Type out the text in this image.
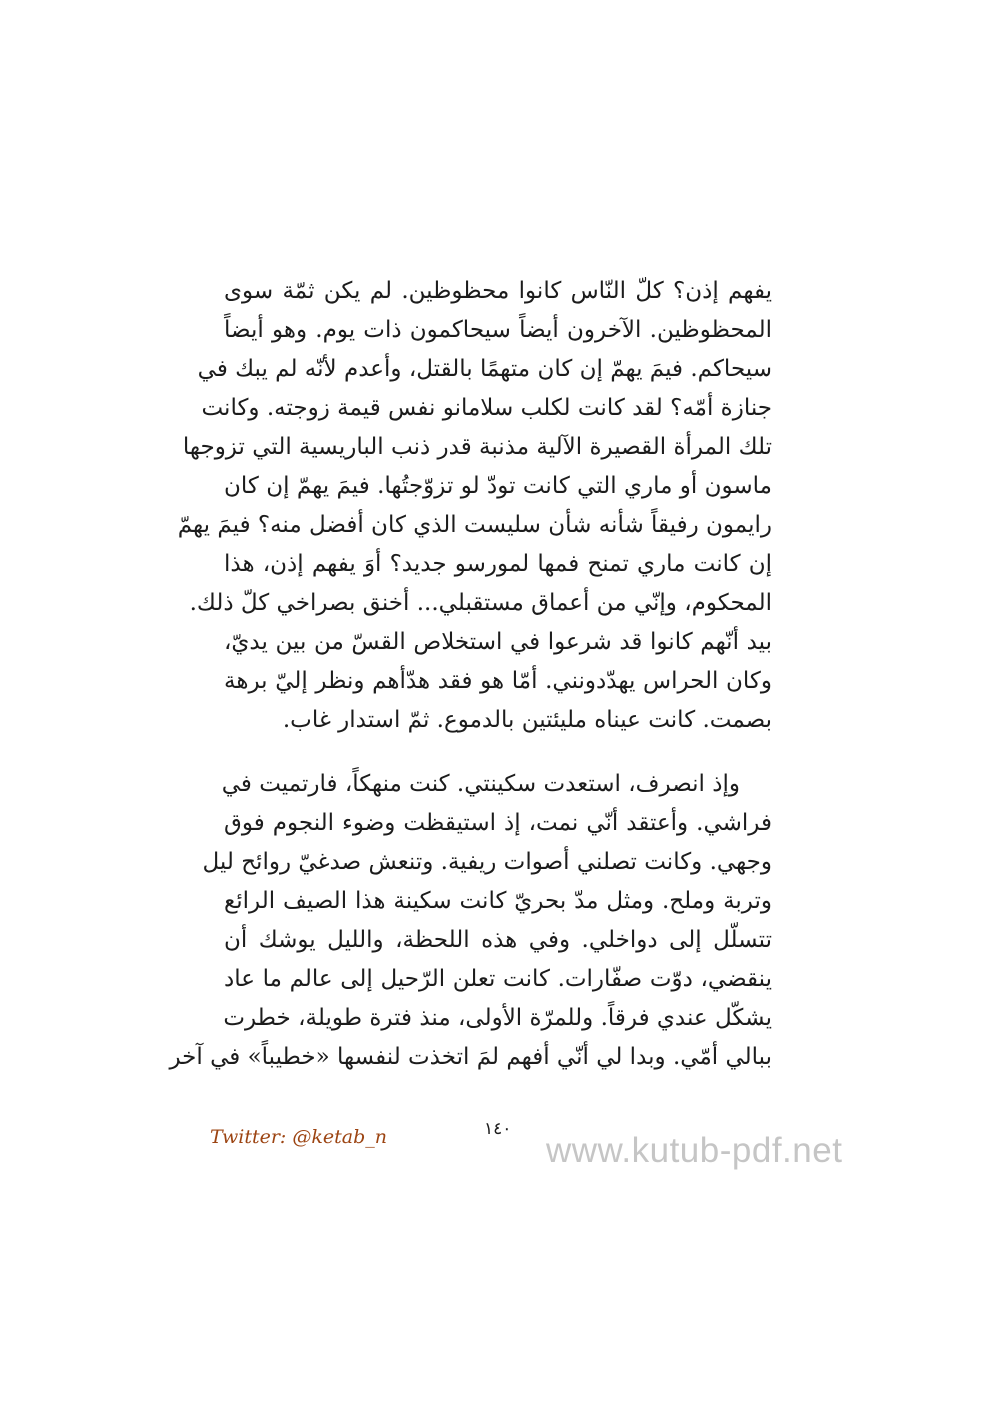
يفهم إذن؟ كلّ النّاس كانوا محظوظين. لم يكن ثمّة سوى
المحظوظين. الآخرون أيضاً سيحاكمون ذات يوم. وهو أيضاً
سيحاكم. فيمَ يهمّ إن كان متهمًا بالقتل، وأعدم لأنّه لم يبك في
جنازة أمّه؟ لقد كانت لكلب سلامانو نفس قيمة زوجته. وكانت
تلك المرأة القصيرة الآلية مذنبة قدر ذنب الباريسية التي تزوجها
ماسون أو ماري التي كانت تودّ لو تزوّجتُها. فيمَ يهمّ إن كان
رايمون رفيقاً شأنه شأن سليست الذي كان أفضل منه؟ فيمَ يهمّ
إن كانت ماري تمنح فمها لمورسو جديد؟ أوَ يفهم إذن، هذا
المحكوم، وإنّي من أعماق مستقبلي... أخنق بصراخي كلّ ذلك.
بيد أنّهم كانوا قد شرعوا في استخلاص القسّ من بين يديّ،
وكان الحراس يهدّدونني. أمّا هو فقد هدّأهم ونظر إليّ برهة
بصمت. كانت عيناه مليئتين بالدموع. ثمّ استدار غاب.
وإذ انصرف، استعدت سكينتي. كنت منهكاً، فارتميت في
فراشي. وأعتقد أنّي نمت، إذ استيقظت وضوء النجوم فوق
وجهي. وكانت تصلني أصوات ريفية. وتنعش صدغيّ روائح ليل
وتربة وملح. ومثل مدّ بحريّ كانت سكينة هذا الصيف الرائع
تتسلّل إلى دواخلي. وفي هذه اللحظة، والليل يوشك أن
ينقضي، دوّت صفّارات. كانت تعلن الرّحيل إلى عالم ما عاد
يشكّل عندي فرقاً. وللمرّة الأولى، منذ فترة طويلة، خطرت
ببالي أمّي. وبدا لي أنّي أفهم لمَ اتخذت لنفسها «خطيباً» في آخر
Twitter: @ketab_n	١٤٠
www.kutub-pdf.net
